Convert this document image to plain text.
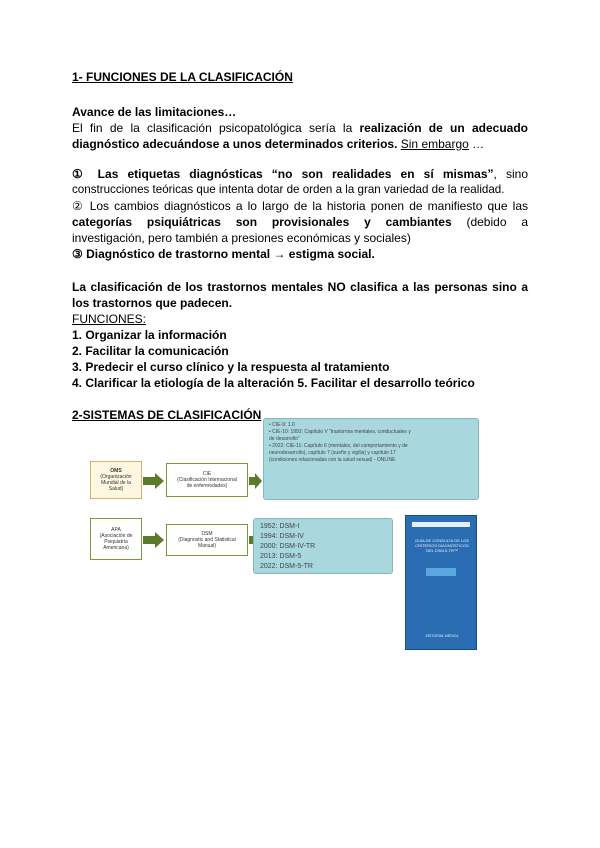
1- FUNCIONES DE LA CLASIFICACIÓN
Avance de las limitaciones…
El fin de la clasificación psicopatológica sería la realización de un adecuado
diagnóstico adecuándose a unos determinados criterios. Sin embargo …
① Las etiquetas diagnósticas “no son realidades en sí mismas”, sino
construcciones teóricas que intenta dotar de orden a la gran variedad de la realidad.
② Los cambios diagnósticos a lo largo de la historia ponen de manifiesto que las
categorías psiquiátricas son provisionales y cambiantes (debido a
investigación, pero también a presiones económicas y sociales)
③ Diagnóstico de trastorno mental → estigma social.
La clasificación de los trastornos mentales NO clasifica a las personas sino a
los trastornos que padecen.
FUNCIONES:
1. Organizar la información
2. Facilitar la comunicación
3. Predecir el curso clínico y la respuesta al tratamiento
4. Clarificar la etiología de la alteración 5. Facilitar el desarrollo teórico
2-SISTEMAS DE CLASIFICACIÓN
OMS
(Organización
Mundial de la
Salud)
CIE
(Clasificación Internacional
de enfermedades)
• CIE-9: 1.0
• CIE-10: 1992: Capítulo V “trastornos mentales, conductuales y
de desarrollo”
• 2022: CIE-11: Capítulo 6 (mentales, del comportamiento y de
neurodesarrollo), capítulo 7 (sueño y vigilia) y capítulo 17
(condiciones relacionadas con la salud sexual) - ONLINE
APA
(Asociación de
Psiquiatría
Americana)
DSM
(Diagnostic and Statistical
Manual)
1952: DSM-I
1994: DSM-IV
2000: DSM-IV-TR
2013: DSM-5
2022: DSM-5-TR
GUÍA DE CONSULTA DE LOS CRITERIOS DIAGNÓSTICOS DEL DSM-5-TR™
EDITORIAL MÉDICA
